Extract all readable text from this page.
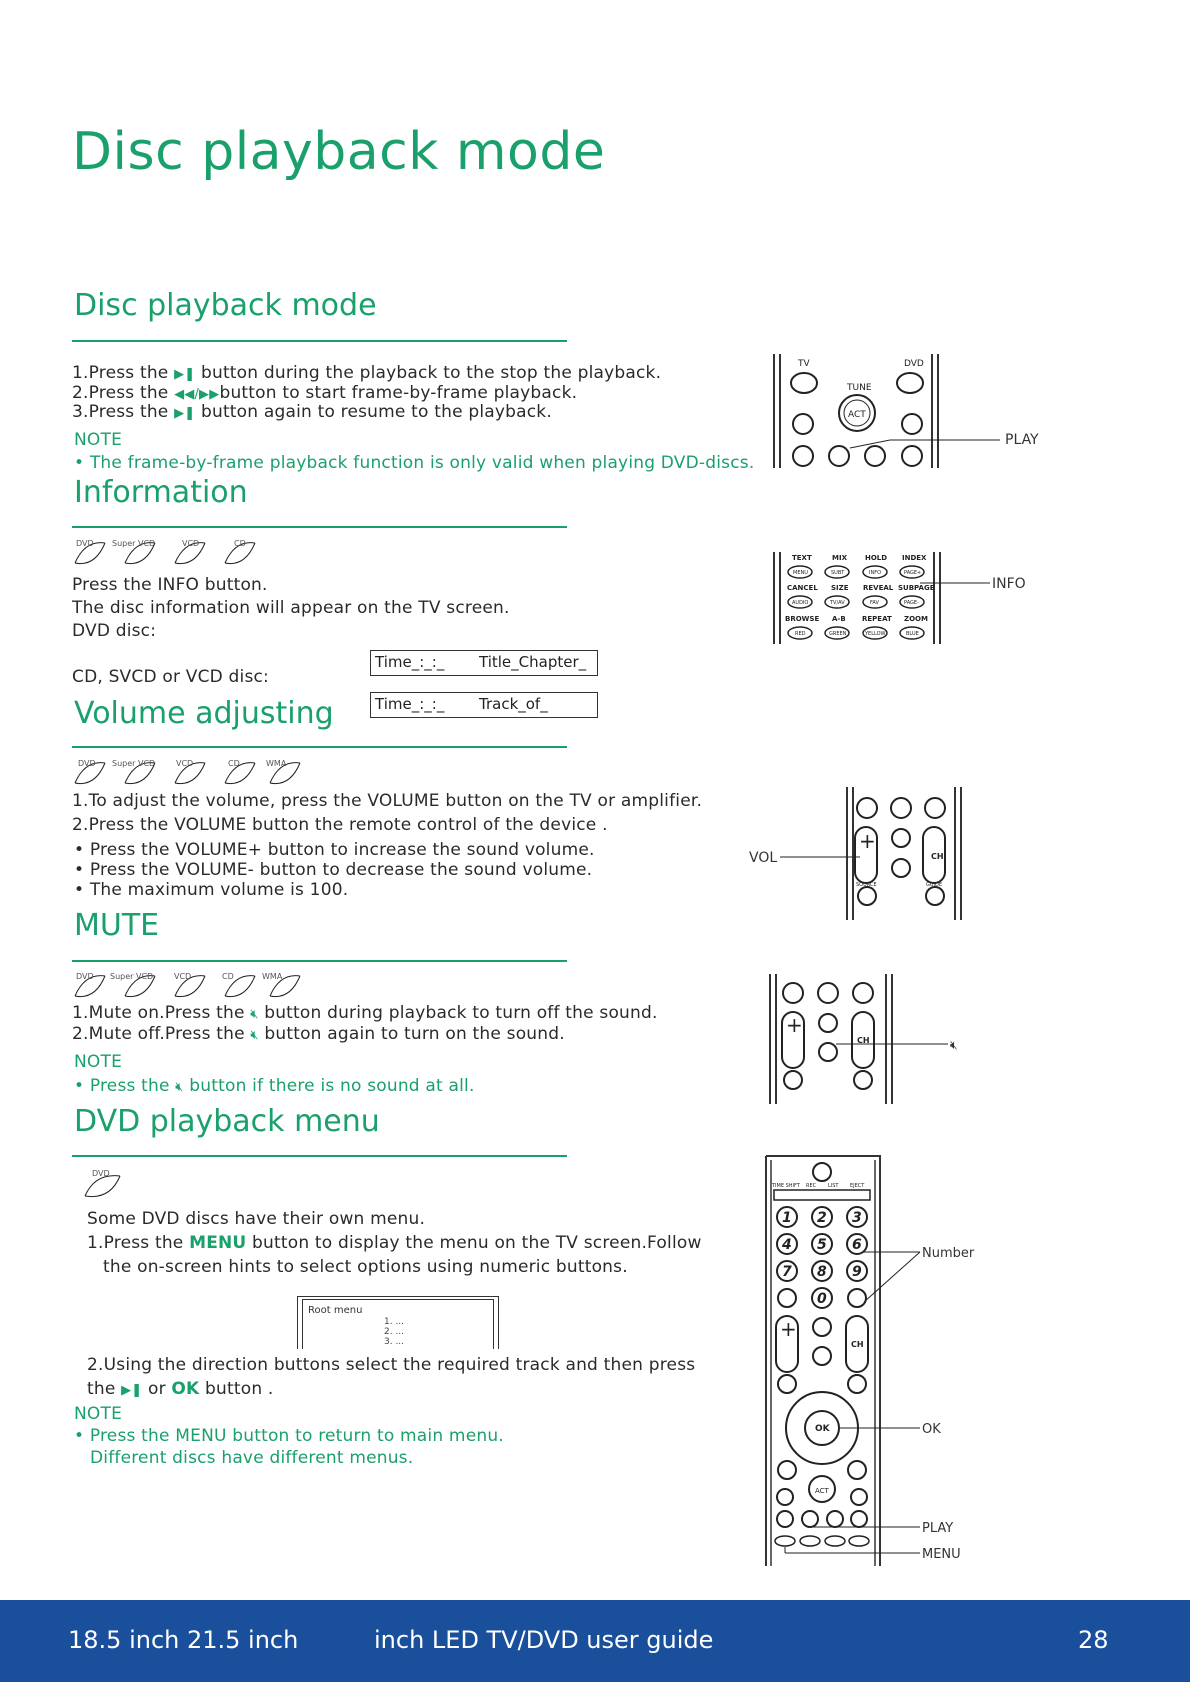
Disc playback mode
Disc playback mode
1.Press the ▶❚ button during the playback to the stop the playback.
2.Press the ◀◀/▶▶button to start frame-by-frame playback.
3.Press the ▶❚ button again to resume to the playback.
NOTE
• The frame-by-frame playback function is only valid when playing DVD-discs.
TV	DVD
TUNE
ACT
PLAY
Information
DVD Super VCD	VCD	CD
Press the INFO button.
The disc information will appear on the TV screen.
DVD disc:
CD, SVCD or VCD disc:
Time_:_:_ Title_Chapter_
Time_:_:_ Track_of_
TEXT	MIX	HOLD INDEX
CANCEL SIZE REVEAL SUBPAGE
BROWSE A-B REPEAT ZOOM
MENU	SUBT	INFO	PAGE+
AUDIO	TV/AV	FAV	PAGE-
RED	GREEN	YELLOW	BLUE
INFO
Volume adjusting
DVD Super VCD	VCD	CD	WMA
1.To adjust the volume, press the VOLUME button on the TV or amplifier.
2.Press the VOLUME button the remote control of the device .
• Press the VOLUME+ button to increase the sound volume.
• Press the VOLUME- button to decrease the sound volume.
• The maximum volume is 100.
+
CH
SOURCE	GUIDE
VOL
MUTE
DVD Super VCD	VCD	CD	WMA
1.Mute on.Press the 🔇︎ button during playback to turn off the sound.
2.Mute off.Press the 🔇︎ button again to turn on the sound.
NOTE
• Press the 🔇︎ button if there is no sound at all.
+
CH	🔇︎
DVD playback menu
DVD
Some DVD discs have their own menu.
1.Press the MENU button to display the menu on the TV screen.Follow
the on-screen hints to select options using numeric buttons.
Root menu
1. ...
2. ...
3. ...
2.Using the direction buttons select the required track and then press
the ▶❚ or OK button .
NOTE
• Press the MENU button to return to main menu.
Different discs have different menus.
TIME SHIFT REC LIST EJECT
1 2 3
4 5 6
7 8 9
0
+
CH
OK
ACT
Number
OK
PLAY
MENU
18.5 inch 21.5 inch	inch LED TV/DVD user guide	28
